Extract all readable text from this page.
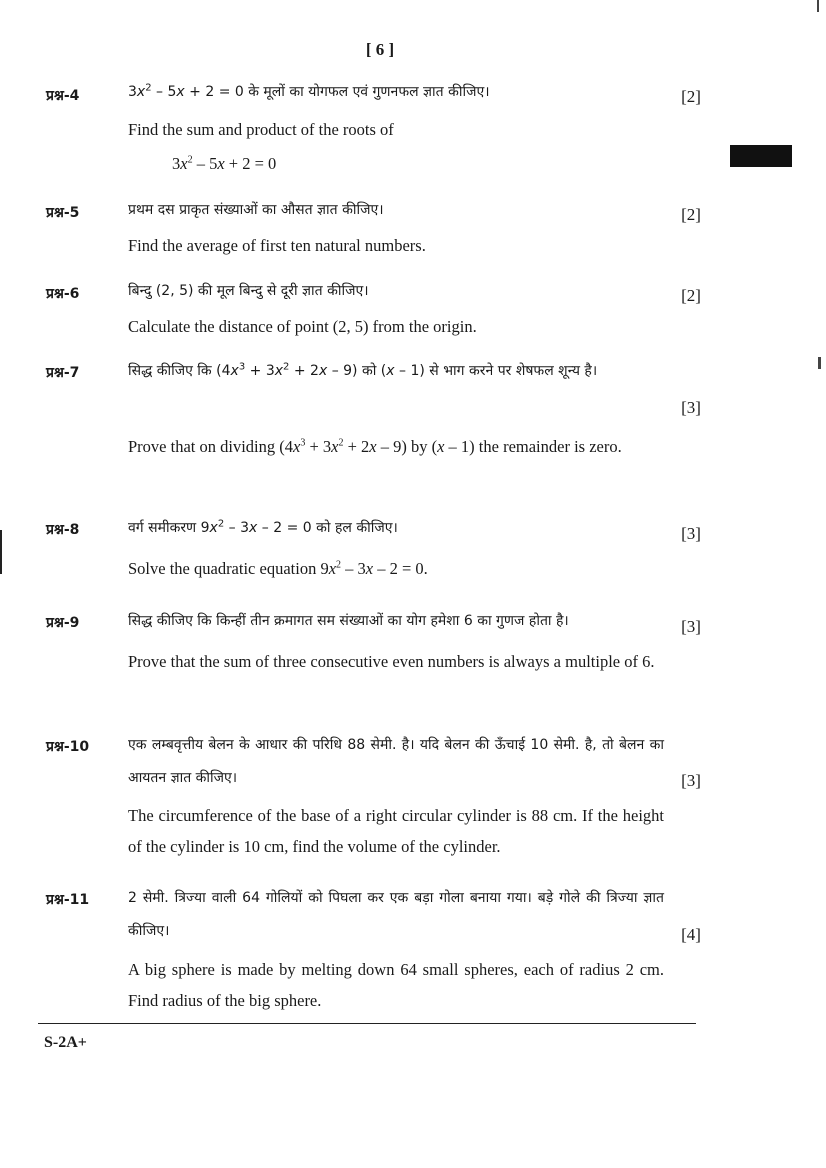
[ 6 ]
प्रश्न-4	$3x^2 - 5x + 2 = 0$ के मूलों का योगफल एवं गुणनफल ज्ञात कीजिए।	[2]
Find the sum and product of the roots of
$3x^2 - 5x + 2 = 0$
प्रश्न-5	प्रथम दस प्राकृत संख्याओं का औसत ज्ञात कीजिए।	[2]
Find the average of first ten natural numbers.
प्रश्न-6	बिन्दु (2, 5) की मूल बिन्दु से दूरी ज्ञात कीजिए।	[2]
Calculate the distance of point (2, 5) from the origin.
प्रश्न-7	सिद्ध कीजिए कि $(4x^3 + 3x^2 + 2x - 9)$ को (x – 1) से भाग करने पर शेषफल शून्य है।
[3]
Prove that on dividing $(4x^3 + 3x^2 + 2x - 9)$ by (x – 1) the remainder is zero.
प्रश्न-8	वर्ग समीकरण $9x^2 - 3x - 2 = 0$ को हल कीजिए।	[3]
Solve the quadratic equation $9x^2 - 3x - 2 = 0$.
प्रश्न-9	सिद्ध कीजिए कि किन्हीं तीन क्रमागत सम संख्याओं का योग हमेशा 6 का गुणज होता है।	[3]
Prove that the sum of three consecutive even numbers is always a multiple of 6.
प्रश्न-10	एक लम्बवृत्तीय बेलन के आधार की परिधि 88 सेमी. है। यदि बेलन की ऊँचाई 10 सेमी. है, तो बेलन का आयतन ज्ञात कीजिए।	[3]
The circumference of the base of a right circular cylinder is 88 cm. If the height of the cylinder is 10 cm, find the volume of the cylinder.
प्रश्न-11	2 सेमी. त्रिज्या वाली 64 गोलियों को पिघला कर एक बड़ा गोला बनाया गया। बड़े गोले की त्रिज्या ज्ञात कीजिए।	[4]
A big sphere is made by melting down 64 small spheres, each of radius 2 cm. Find radius of the big sphere.
S-2A+
